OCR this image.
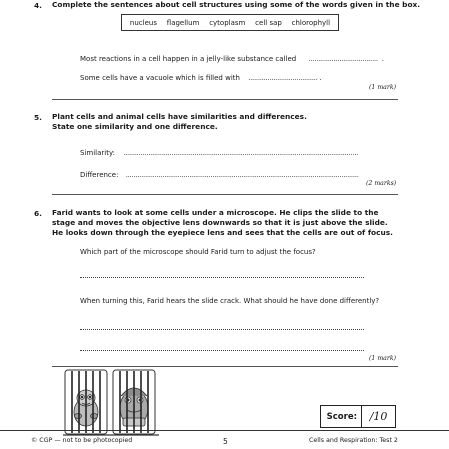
4. Complete the sentences about cell structures using some of the words given in the box.
nucleus flagellum cytoplasm cell sap chlorophyll
Most reactions in a cell happen in a jelly-like substance called .................................... .
Some cells have a vacuole which is filled with .................................... .
(1 mark)
5. Plant cells and animal cells have similarities and differences.
State one similarity and one difference.
Similarity: ..........................................................................................................................
Difference: .........................................................................................................................
(2 marks)
6. Farid wants to look at some cells under a microscope. He clips the slide to the
stage and moves the objective lens downwards so that it is just above the slide.
He looks down through the eyepiece lens and sees that the cells are out of focus.
Which part of the microscope should Farid turn to adjust the focus?
When turning this, Farid hears the slide crack. What should he have done differently?
(1 mark)
Score:	/10
© CGP — not to be photocopied	5	Cells and Respiration: Test 2
